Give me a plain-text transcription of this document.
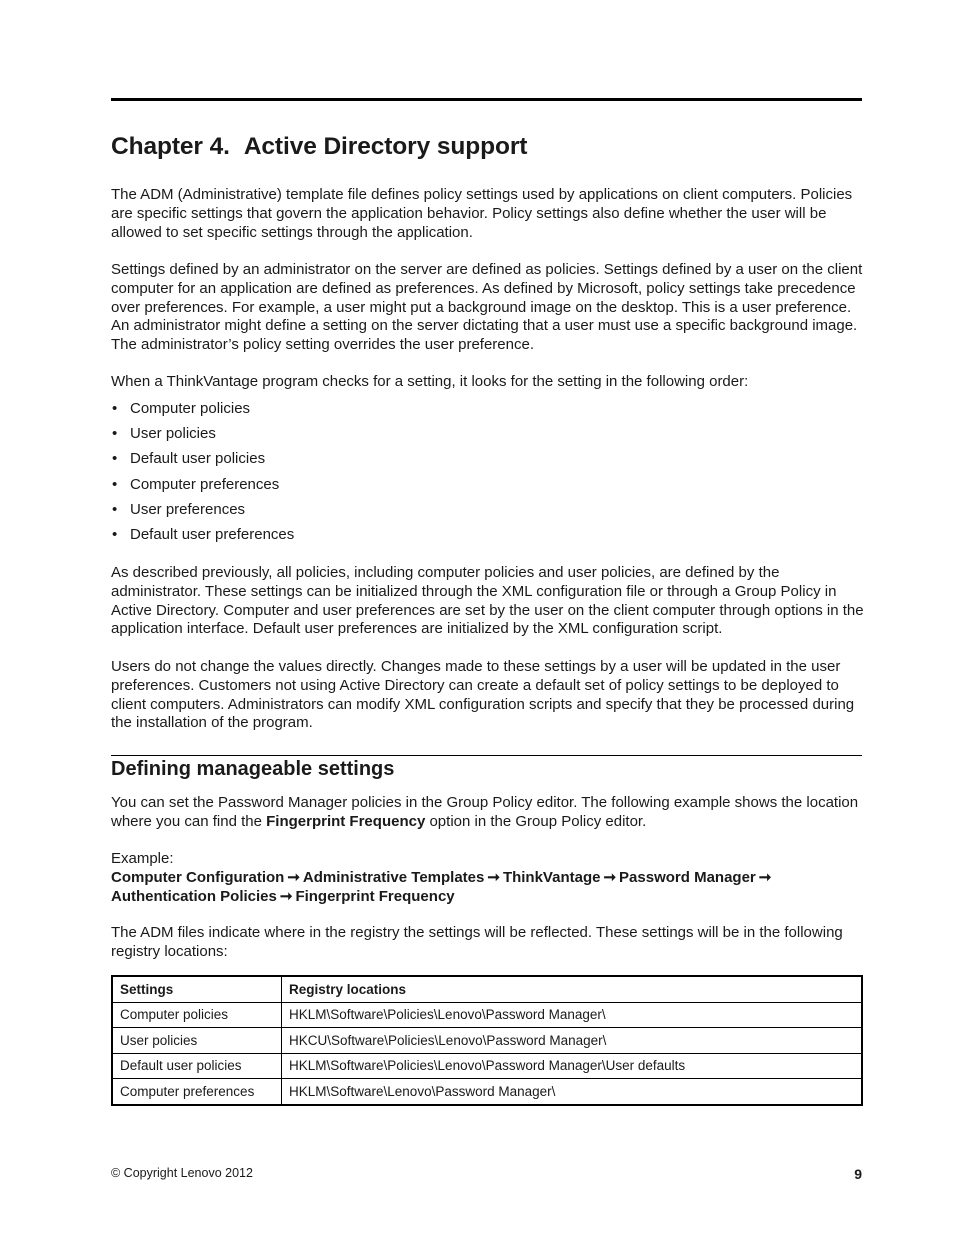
Chapter 4. Active Directory support

The ADM (Administrative) template file defines policy settings used by applications on client computers. Policies are specific settings that govern the application behavior. Policy settings also define whether the user will be allowed to set specific settings through the application.

Settings defined by an administrator on the server are defined as policies. Settings defined by a user on the client computer for an application are defined as preferences. As defined by Microsoft, policy settings take precedence over preferences. For example, a user might put a background image on the desktop. This is a user preference. An administrator might define a setting on the server dictating that a user must use a specific background image. The administrator’s policy setting overrides the user preference.

When a ThinkVantage program checks for a setting, it looks for the setting in the following order:

• Computer policies
• User policies
• Default user policies
• Computer preferences
• User preferences
• Default user preferences

As described previously, all policies, including computer policies and user policies, are defined by the administrator. These settings can be initialized through the XML configuration file or through a Group Policy in Active Directory. Computer and user preferences are set by the user on the client computer through options in the application interface. Default user preferences are initialized by the XML configuration script.

Users do not change the values directly. Changes made to these settings by a user will be updated in the user preferences. Customers not using Active Directory can create a default set of policy settings to be deployed to client computers. Administrators can modify XML configuration scripts and specify that they be processed during the installation of the program.

Defining manageable settings

You can set the Password Manager policies in the Group Policy editor. The following example shows the location where you can find the Fingerprint Frequency option in the Group Policy editor.

Example:
Computer Configuration ➞ Administrative Templates ➞ ThinkVantage ➞ Password Manager ➞
Authentication Policies ➞ Fingerprint Frequency

The ADM files indicate where in the registry the settings will be reflected. These settings will be in the following registry locations:

Settings	Registry locations
Computer policies	HKLM\Software\Policies\Lenovo\Password Manager\
User policies	HKCU\Software\Policies\Lenovo\Password Manager\
Default user policies	HKLM\Software\Policies\Lenovo\Password Manager\User defaults
Computer preferences	HKLM\Software\Lenovo\Password Manager\
© Copyright Lenovo 2012	9
